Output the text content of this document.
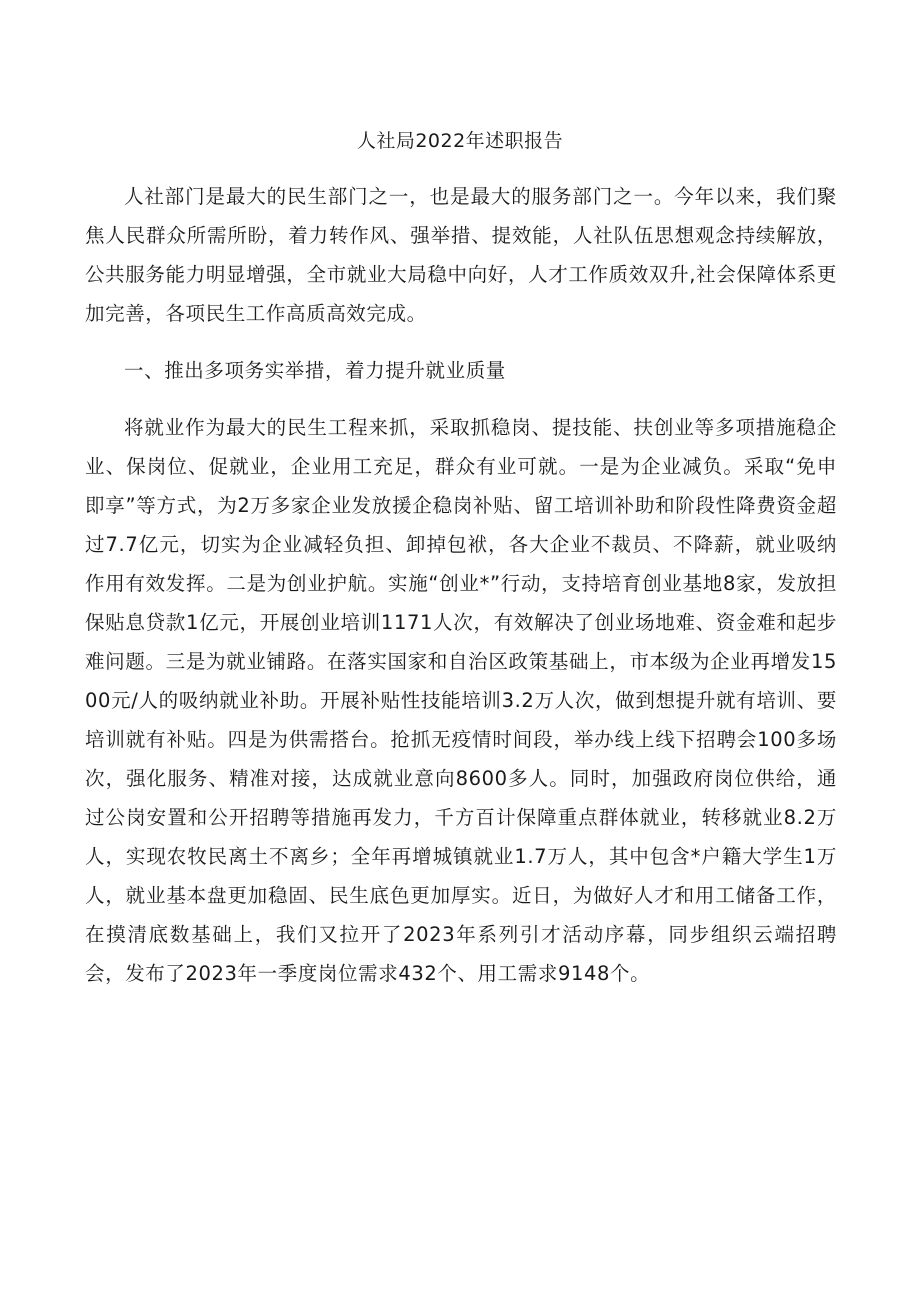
人社局2022年述职报告

人社部门是最大的民生部门之一，也是最大的服务部门之一。今年以来，我们聚焦人民群众所需所盼，着力转作风、强举措、提效能，人社队伍思想观念持续解放，公共服务能力明显增强，全市就业大局稳中向好，人才工作质效双升,社会保障体系更加完善，各项民生工作高质高效完成。

一、推出多项务实举措，着力提升就业质量

将就业作为最大的民生工程来抓，采取抓稳岗、提技能、扶创业等多项措施稳企业、保岗位、促就业，企业用工充足，群众有业可就。一是为企业减负。采取“免申即享”等方式，为2万多家企业发放援企稳岗补贴、留工培训补助和阶段性降费资金超过7.7亿元，切实为企业减轻负担、卸掉包袱，各大企业不裁员、不降薪，就业吸纳作用有效发挥。二是为创业护航。实施“创业*”行动，支持培育创业基地8家，发放担保贴息贷款1亿元，开展创业培训1171人次，有效解决了创业场地难、资金难和起步难问题。三是为就业铺路。在落实国家和自治区政策基础上，市本级为企业再增发1500元/人的吸纳就业补助。开展补贴性技能培训3.2万人次，做到想提升就有培训、要培训就有补贴。四是为供需搭台。抢抓无疫情时间段，举办线上线下招聘会100多场次，强化服务、精准对接，达成就业意向8600多人。同时，加强政府岗位供给，通过公岗安置和公开招聘等措施再发力，千方百计保障重点群体就业，转移就业8.2万人，实现农牧民离土不离乡；全年再增城镇就业1.7万人，其中包含*户籍大学生1万人，就业基本盘更加稳固、民生底色更加厚实。近日，为做好人才和用工储备工作，在摸清底数基础上，我们又拉开了2023年系列引才活动序幕，同步组织云端招聘会，发布了2023年一季度岗位需求432个、用工需求9148个。
